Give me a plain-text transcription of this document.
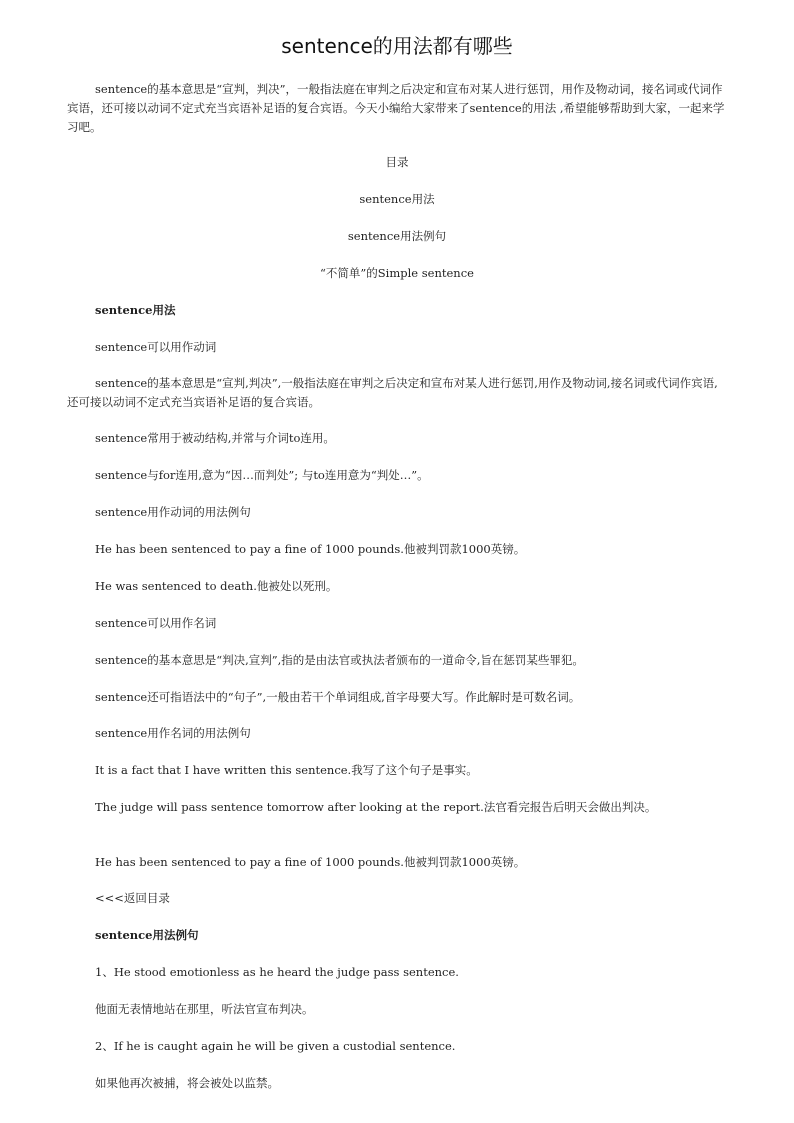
sentence的用法都有哪些
sentence的基本意思是“宣判，判决”，一般指法庭在审判之后决定和宣布对某人进行惩罚，用作及物动词，接名词或代词作宾语，还可接以动词不定式充当宾语补足语的复合宾语。今天小编给大家带来了sentence的用法 ,希望能够帮助到大家，一起来学习吧。
目录
sentence用法
sentence用法例句
“不简单”的Simple sentence
sentence用法
sentence可以用作动词
sentence的基本意思是“宣判,判决”,一般指法庭在审判之后决定和宣布对某人进行惩罚,用作及物动词,接名词或代词作宾语,还可接以动词不定式充当宾语补足语的复合宾语。
sentence常用于被动结构,并常与介词to连用。
sentence与for连用,意为“因…而判处”; 与to连用意为“判处…”。
sentence用作动词的用法例句
He has been sentenced to pay a fine of 1000 pounds.他被判罚款1000英镑。
He was sentenced to death.他被处以死刑。
sentence可以用作名词
sentence的基本意思是“判决,宣判”,指的是由法官或执法者颁布的一道命令,旨在惩罚某些罪犯。
sentence还可指语法中的“句子”,一般由若干个单词组成,首字母要大写。作此解时是可数名词。
sentence用作名词的用法例句
It is a fact that I have written this sentence.我写了这个句子是事实。
The judge will pass sentence tomorrow after looking at the report.法官看完报告后明天会做出判决。
He has been sentenced to pay a fine of 1000 pounds.他被判罚款1000英镑。
<<<返回目录
sentence用法例句
1、He stood emotionless as he heard the judge pass sentence.
他面无表情地站在那里，听法官宣布判决。
2、If he is caught again he will be given a custodial sentence.
如果他再次被捕，将会被处以监禁。
